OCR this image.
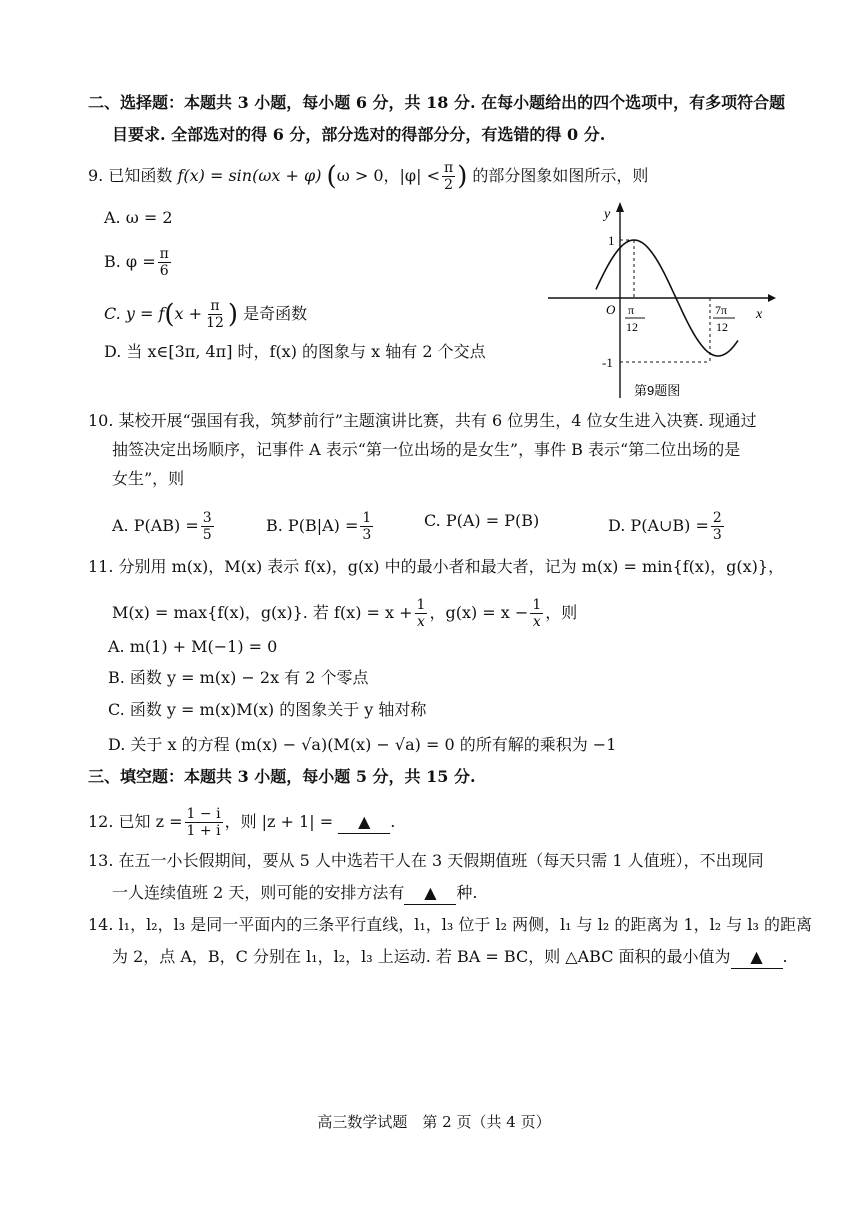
二、选择题：本题共 3 小题，每小题 6 分，共 18 分. 在每小题给出的四个选项中，有多项符合题
目要求. 全部选对的得 6 分，部分选对的得部分分，有选错的得 0 分.
9. 已知函数 f(x) = sin(ωx + φ) (ω > 0，$|\varphi| < \frac{\pi}{2}$ ) 的部分图象如图所示，则
A. ω = 2
B. $\varphi = \frac{\pi}{6}$
C. $y = f(x + \frac{\pi}{12}$ ) 是奇函数
D. 当 x∈[3π, 4π] 时，f(x) 的图象与 x 轴有 2 个交点
y
x
O
1
-1
π
12
7π
12
第9题图
10. 某校开展“强国有我，筑梦前行”主题演讲比赛，共有 6 位男生，4 位女生进入决赛. 现通过
抽签决定出场顺序，记事件 A 表示“第一位出场的是女生”，事件 B 表示“第二位出场的是
女生”，则
A. $P(AB) = \frac{3}{5}$	B. $P(B|A) = \frac{1}{3}$	C. P(A) = P(B)	D. P(A∪B) = $\frac{2}{3}$
11. 分别用 m(x)，M(x) 表示 f(x)，g(x) 中的最小者和最大者，记为 m(x) = min{f(x)，g(x)}，
M(x) = max{f(x)，g(x)}. 若 $f(x) = x + \frac{1}{x}$ ，$g(x) = x - \frac{1}{x}$ ，则
A. m(1) + M(−1) = 0
B. 函数 y = m(x) − 2x 有 2 个零点
C. 函数 y = m(x)M(x) 的图象关于 y 轴对称
D. 关于 x 的方程 (m(x) − √a)(M(x) − √a) = 0 的所有解的乘积为 −1
三、填空题：本题共 3 小题，每小题 5 分，共 15 分.
12. 已知 $z = \frac{1 - i}{1 + i}$ ，则 |z + 1| = ▲ .
13. 在五一小长假期间，要从 5 人中选若干人在 3 天假期值班（每天只需 1 人值班），不出现同
一人连续值班 2 天，则可能的安排方法有 ▲ 种.
14. l₁，l₂，l₃ 是同一平面内的三条平行直线，l₁，l₃ 位于 l₂ 两侧，l₁ 与 l₂ 的距离为 1，l₂ 与 l₃ 的距离
为 2，点 A，B，C 分别在 l₁，l₂，l₃ 上运动. 若 BA = BC，则 △ABC 面积的最小值为 ▲ .
高三数学试题　第 2 页（共 4 页）
